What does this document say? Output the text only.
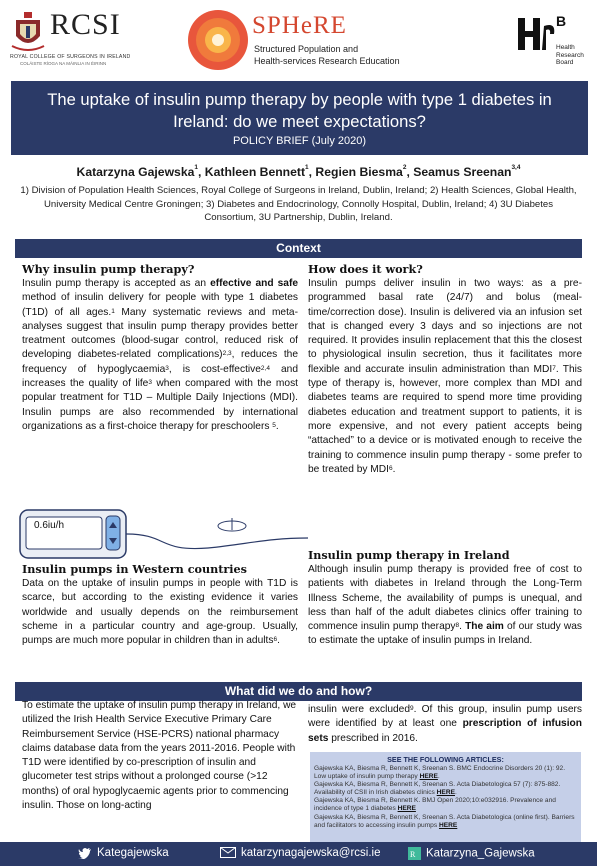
RCSI
ROYAL COLLEGE OF SURGEONS IN IRELAND
COLÁISTE RÍOGA NA MÁINLIA IN ÉIRINN
SPHeRE
Structured Population and
Health-services Research Education
B
Health
Research
Board
The uptake of insulin pump therapy by people with type 1 diabetes in Ireland: do we meet expectations?
POLICY BRIEF (July 2020)
Katarzyna Gajewska$^1$, Kathleen Bennett$^1$, Regien Biesma$^2$, Seamus Sreenan$^{3,4}$
1) Division of Population Health Sciences, Royal College of Surgeons in Ireland, Dublin, Ireland; 2) Health Sciences, Global Health, University Medical Centre Groningen; 3) Diabetes and Endocrinology, Connolly Hospital, Dublin, Ireland; 4) 3U Diabetes Consortium, 3U Partnership, Dublin, Ireland.
Context
Why insulin pump therapy?
Insulin pump therapy is accepted as an effective and safe method of insulin delivery for people with type 1 diabetes (T1D) of all ages.$^1$ Many systematic reviews and meta-analyses suggest that insulin pump therapy provides better treatment outcomes (blood-sugar control, reduced risk of developing diabetes-related complications)$^{2,3}$, reduces the frequency of hypoglycaemia$^3$, is cost-effective$^{2,4}$ and increases the quality of life$^3$ when compared with the most popular treatment for T1D – Multiple Daily Injections (MDI). Insulin pumps are also recommended by international organizations as a first-choice therapy for preschoolers $^5$.
How does it work?
Insulin pumps deliver insulin in two ways: as a pre-programmed basal rate (24/7) and bolus (meal-time/correction dose). Insulin is delivered via an infusion set that is changed every 3 days and so injections are not required. It provides insulin replacement that this the closest to physiological insulin secretion, thus it facilitates more flexible and accurate insulin administration than MDI$^7$. This type of therapy is, however, more complex than MDI and diabetes teams are required to spend more time providing diabetes education and treatment support to patients, it is more expensive, and not every patient accepts being “attached” to a device or is motivated enough to receive the training to commence insulin pump therapy - some prefer to be treated by MDI$^6$.
0.6iu/h
Insulin pumps in Western countries
Data on the uptake of insulin pumps in people with T1D is scarce, but according to the existing evidence it varies worldwide and usually depends on the reimbursement scheme in a particular country and age-group. Usually, pumps are much more popular in children than in adults$^6$.
Insulin pump therapy in Ireland
Although insulin pump therapy is provided free of cost to patients with diabetes in Ireland through the Long-Term Illness Scheme, the availability of pumps is unequal, and less than half of the adult diabetes clinics offer training to commence insulin pump therapy$^8$. The aim of our study was to estimate the uptake of insulin pumps in Ireland.
What did we do and how?
To estimate the uptake of insulin pump therapy in Ireland, we utilized the Irish Health Service Executive Primary Care Reimbursement Service (HSE-PCRS) national pharmacy claims database data from the years 2011-2016. People with T1D were identified by co-prescription of insulin and glucometer test strips without a prolonged course (>12 months) of oral hypoglycaemic agents prior to commencing insulin. Those on long-acting
insulin were excluded$^9$. Of this group, insulin pump users were identified by at least one prescription of infusion sets prescribed in 2016.
SEE THE FOLLOWING ARTICLES:
Gajewska KA, Biesma R, Bennett K, Sreenan S. BMC Endocrine Disorders 20 (1): 92. Low uptake of insulin pump therapy HERE.
Gajewska KA, Biesma R, Bennett K, Sreenan S. Acta Diabetologica 57 (7): 875-882. Availability of CSII in Irish diabetes clinics HERE.
Gajewska KA, Biesma R, Bennett K. BMJ Open 2020;10:e032916. Prevalence and incidence of type 1 diabetes HERE
Gajewska KA, Biesma R, Bennett K, Sreenan S. Acta Diabetologica (online first). Barriers and facilitators to accessing insulin pumps HERE
Kategajewska	katarzynagajewska@rcsi.ie	R Katarzyna_Gajewska
